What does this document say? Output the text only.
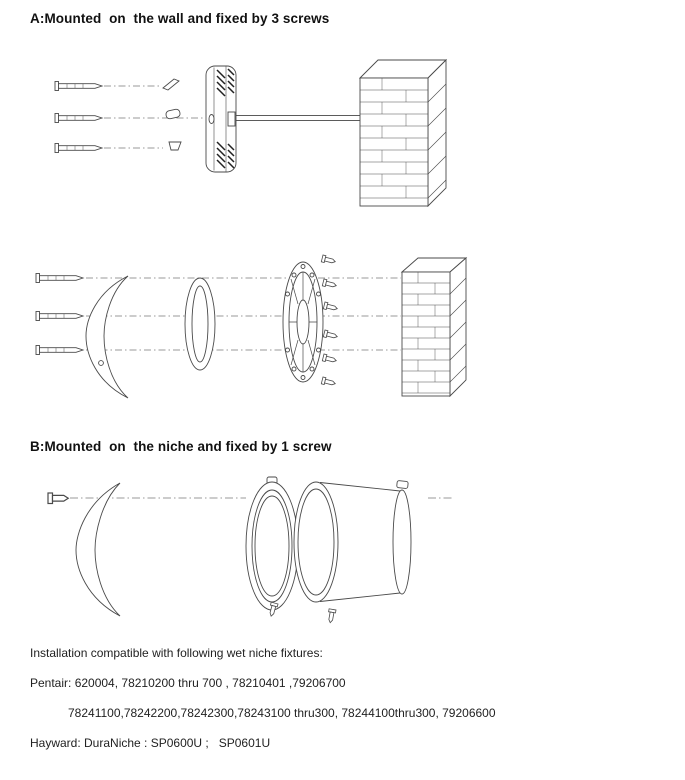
A:Mounted  on  the wall and fixed by 3 screws
B:Mounted  on  the niche and fixed by 1 screw
Installation compatible with following wet niche fixtures:
Pentair: 620004, 78210200 thru 700 , 78210401 ,79206700
78241100,78242200,78242300,78243100 thru300, 78244100thru300, 79206600
Hayward: DuraNiche : SP0600U ;   SP0601U
